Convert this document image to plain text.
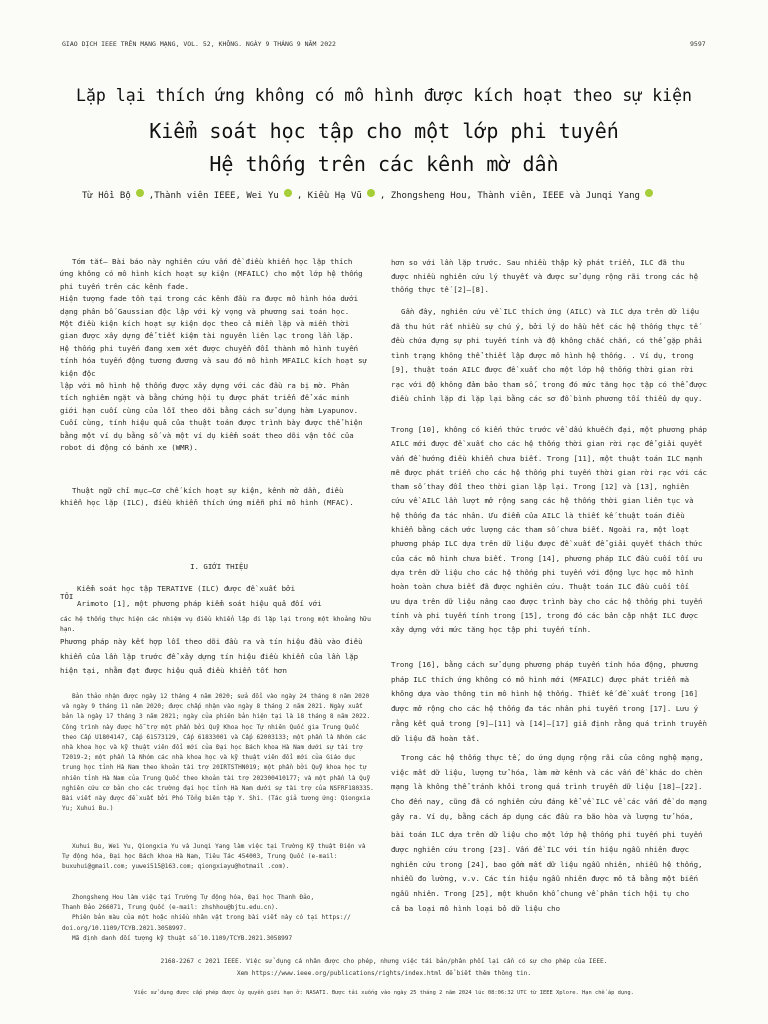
GIAO DỊCH IEEE TRÊN MẠNG MẠNG, VOL. 52, KHÔNG. NGÀY 9 THÁNG 9 NĂM 2022	9597
Lặp lại thích ứng không có mô hình được kích hoạt theo sự kiện
Kiểm soát học tập cho một lớp phi tuyến
Hệ thống trên các kênh mờ dần
Từ Hồi Bộ ,Thành viên IEEE, Wei Yu , Kiều Hạ Vũ , Zhongsheng Hou, Thành viên, IEEE và Junqi Yang

Tóm tắt— Bài báo này nghiên cứu vấn đề điều khiển học lặp thích

ứng không có mô hình kích hoạt sự kiện (MFAILC) cho một lớp hệ thống

phi tuyến trên các kênh fade.

Hiện tượng fade tồn tại trong các kênh đầu ra được mô hình hóa dưới

dạng phân bố Gaussian độc lập với kỳ vọng và phương sai toán học.

Một điều kiện kích hoạt sự kiện dọc theo cả miền lặp và miền thời

gian được xây dựng để tiết kiệm tài nguyên liên lạc trong lần lặp.

Hệ thống phi tuyến đang xem xét được chuyển đổi thành mô hình tuyến

tính hóa tuyến động tương đương và sau đó mô hình MFAILC kích hoạt sự kiện độc

lập với mô hình hệ thống được xây dựng với các đầu ra bị mờ. Phân

tích nghiêm ngặt và bằng chứng hội tụ được phát triển để xác minh

giới hạn cuối cùng của lỗi theo dõi bằng cách sử dụng hàm Lyapunov.

Cuối cùng, tính hiệu quả của thuật toán được trình bày được thể hiện

bằng một ví dụ bằng số và một ví dụ kiểm soát theo dõi vận tốc của

robot di động có bánh xe (WMR).

Thuật ngữ chỉ mục—Cơ chế kích hoạt sự kiện, kênh mờ dần, điều

khiển học lặp (ILC), điều khiển thích ứng miễn phí mô hình (MFAC).

I. GIỚI THIỆU

Kiểm soát học tập TERATIVE (ILC) được đề xuất bởi

TÔI

Arimoto [1], một phương pháp kiểm soát hiệu quả đối với

các hệ thống thực hiện các nhiệm vụ điều khiển lặp đi lặp lại trong một khoảng hữu hạn.

Phương pháp này kết hợp lỗi theo dõi đầu ra và tín hiệu đầu vào điều

khiển của lần lặp trước để xây dựng tín hiệu điều khiển của lần lặp

hiện tại, nhằm đạt được hiệu quả điều khiển tốt hơn

Bản thảo nhận được ngày 12 tháng 4 năm 2020; sửa đổi vào ngày 24 tháng 8 năm 2020

và ngày 9 tháng 11 năm 2020; được chấp nhận vào ngày 8 tháng 2 năm 2021. Ngày xuất

bản là ngày 17 tháng 3 năm 2021; ngày của phiên bản hiện tại là 18 tháng 8 năm 2022.

Công trình này được hỗ trợ một phần bởi Quỹ Khoa học Tự nhiên Quốc gia Trung Quốc

theo Cấp U1804147, Cấp 61573129, Cấp 61833001 và Cấp 62003133; một phần là Nhóm các

nhà khoa học và kỹ thuật viên đổi mới của Đại học Bách khoa Hà Nam dưới sự tài trợ

T2019-2; một phần là Nhóm các nhà khoa học và kỹ thuật viên đổi mới của Giáo dục

trung học tỉnh Hà Nam theo khoản tài trợ 20IRTSTHN019; một phần bởi Quỹ khoa học tự

nhiên tỉnh Hà Nam của Trung Quốc theo khoản tài trợ 202300410177; và một phần là Quỹ

nghiên cứu cơ bản cho các trường đại học tỉnh Hà Nam dưới sự tài trợ của NSFRF180335.

Bài viết này được đề xuất bởi Phó Tổng biên tập Y. Shi. (Tác giả tương ứng: Qiongxia

Yu; Xuhui Bu.)

Xuhui Bu, Wei Yu, Qiongxia Yu và Junqi Yang làm việc tại Trường Kỹ thuật Điện và

Tự động hóa, Đại học Bách khoa Hà Nam, Tiêu Tác 454003, Trung Quốc (e-mail:

buxuhui@gmail.com; yuwei515@163.com; qiongxiayu@hotmail .com).

Zhongsheng Hou làm việc tại Trường Tự động hóa, Đại học Thanh Đảo,

Thanh Đảo 266071, Trung Quốc (e-mail: zhshhou@bjtu.edu.cn).

Phiên bản màu của một hoặc nhiều nhân vật trong bài viết này có tại https://

doi.org/10.1109/TCYB.2021.3058997.

Mã định danh đối tượng kỹ thuật số 10.1109/TCYB.2021.3058997

hơn so với lần lặp trước. Sau nhiều thập kỷ phát triển, ILC đã thu

được nhiều nghiên cứu lý thuyết và được sử dụng rộng rãi trong các hệ

thống thực tế [2]–[8].

Gần đây, nghiên cứu về ILC thích ứng (AILC) và ILC dựa trên dữ liệu

đã thu hút rất nhiều sự chú ý, bởi lý do hầu hết các hệ thống thực tế

đều chứa đựng sự phi tuyến tính và độ không chắc chắn, có thể gặp phải

tình trạng không thể thiết lập được mô hình hệ thống. . Ví dụ, trong

[9], thuật toán AILC được đề xuất cho một lớp hệ thống thời gian rời

rạc với độ không đảm bảo tham số, trong đó mức tăng học tập có thể được

điều chỉnh lặp đi lặp lại bằng các sơ đồ bình phương tối thiểu dự quy.

Trong [10], không có kiến thức trước về dấu khuếch đại, một phương pháp

AILC mới được đề xuất cho các hệ thống thời gian rời rạc để giải quyết

vấn đề hướng điều khiển chưa biết. Trong [11], một thuật toán ILC mạnh

mẽ được phát triển cho các hệ thống phi tuyến thời gian rời rạc với các

tham số thay đổi theo thời gian lặp lại. Trong [12] và [13], nghiên

cứu về AILC lần lượt mở rộng sang các hệ thống thời gian liên tục và

hệ thống đa tác nhân. Ưu điểm của AILC là thiết kế thuật toán điều

khiển bằng cách ước lượng các tham số chưa biết. Ngoài ra, một loạt

phương pháp ILC dựa trên dữ liệu được đề xuất để giải quyết thách thức

của các mô hình chưa biết. Trong [14], phương pháp ILC đầu cuối tối ưu

dựa trên dữ liệu cho các hệ thống phi tuyến với động lực học mô hình

hoàn toàn chưa biết đã được nghiên cứu. Thuật toán ILC đầu cuối tối

ưu dựa trên dữ liệu nâng cao được trình bày cho các hệ thống phi tuyến

tính và phi tuyến tính trong [15], trong đó các bản cập nhật ILC được

xây dựng với mức tăng học tập phi tuyến tính.

Trong [16], bằng cách sử dụng phương pháp tuyến tính hóa động, phương

pháp ILC thích ứng không có mô hình mới (MFAILC) được phát triển mà

không dựa vào thông tin mô hình hệ thống. Thiết kế đề xuất trong [16]

được mở rộng cho các hệ thống đa tác nhân phi tuyến trong [17]. Lưu ý

rằng kết quả trong [9]–[11] và [14]–[17] giả định rằng quá trình truyền

dữ liệu đã hoàn tất.

Trong các hệ thống thực tế, do ứng dụng rộng rãi của công nghệ mạng,

việc mất dữ liệu, lượng tử hóa, làm mờ kênh và các vấn đề khác do chèn

mạng là không thể tránh khỏi trong quá trình truyền dữ liệu [18]–[22].

Cho đến nay, cũng đã có nghiên cứu đáng kể về ILC về các vấn đề do mạng

gây ra. Ví dụ, bằng cách áp dụng các đầu ra bão hòa và lượng tử hóa,

bài toán ILC dựa trên dữ liệu cho một lớp hệ thống phi tuyến phi tuyến

được nghiên cứu trong [23]. Vấn đề ILC với tín hiệu ngẫu nhiên được

nghiên cứu trong [24], bao gồm mất dữ liệu ngẫu nhiên, nhiễu hệ thống,

nhiễu đo lường, v.v. Các tín hiệu ngẫu nhiên được mô tả bằng một biến

ngẫu nhiên. Trong [25], một khuôn khổ chung về phân tích hội tụ cho

cả ba loại mô hình loại bỏ dữ liệu cho

2168-2267 c 2021 IEEE. Việc sử dụng cá nhân được cho phép, nhưng việc tái bản/phân phối lại cần có sự cho phép của IEEE.
Xem https://www.ieee.org/publications/rights/index.html để biết thêm thông tin.
Việc sử dụng được cấp phép được ủy quyền giới hạn ở: NASATI. Được tải xuống vào ngày 25 tháng 2 năm 2024 lúc 08:06:32 UTC từ IEEE Xplore. Hạn chế áp dụng.
